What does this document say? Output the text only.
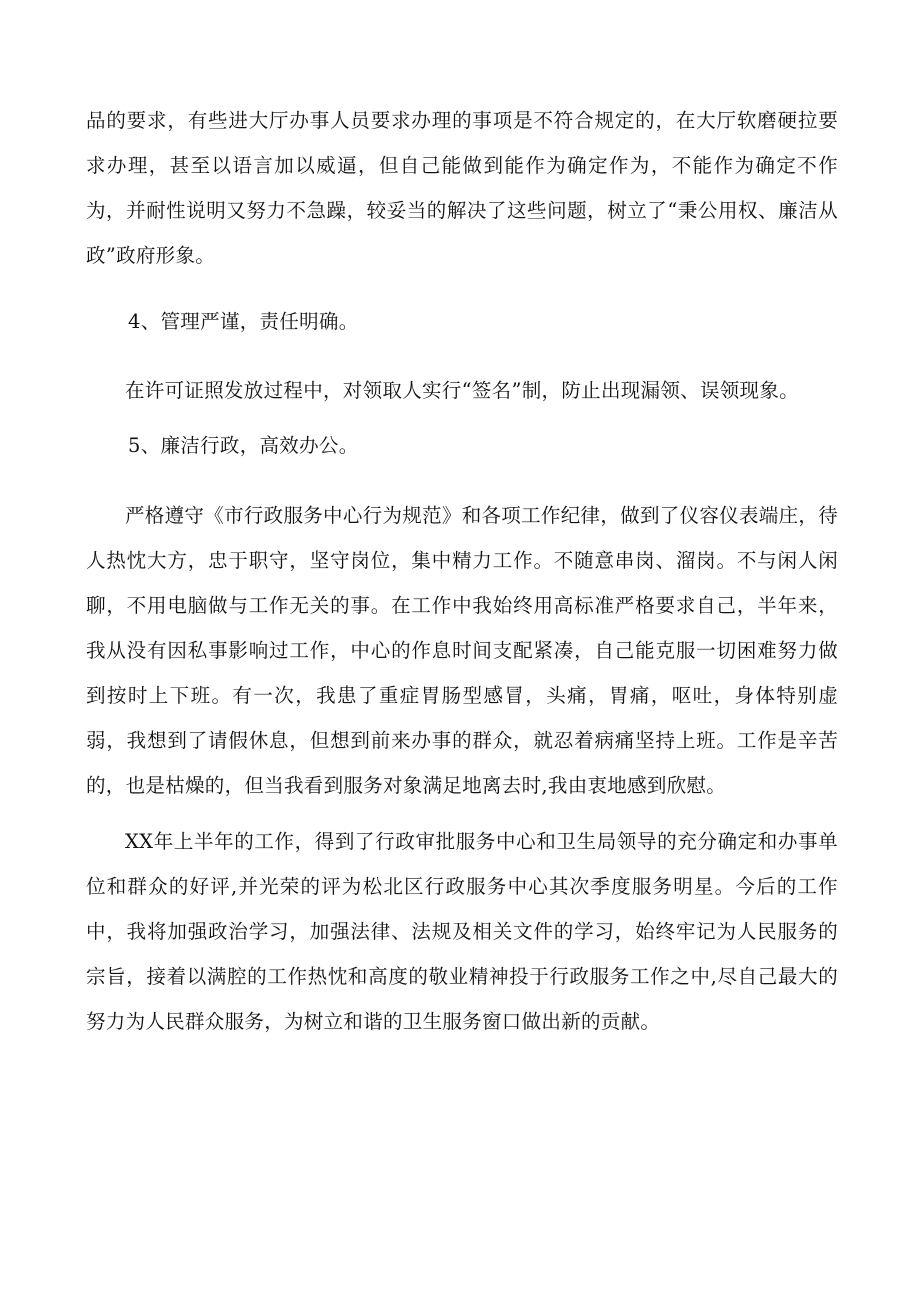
品的要求，有些进大厅办事人员要求办理的事项是不符合规定的，在大厅软磨硬拉要求办理，甚至以语言加以威逼，但自己能做到能作为确定作为，不能作为确定不作为，并耐性说明又努力不急躁，较妥当的解决了这些问题，树立了“秉公用权、廉洁从政”政府形象。

4、管理严谨，责任明确。

在许可证照发放过程中，对领取人实行“签名”制，防止出现漏领、误领现象。

5、廉洁行政，高效办公。

严格遵守《市行政服务中心行为规范》和各项工作纪律，做到了仪容仪表端庄，待人热忱大方，忠于职守，坚守岗位，集中精力工作。不随意串岗、溜岗。不与闲人闲聊，不用电脑做与工作无关的事。在工作中我始终用高标准严格要求自己，半年来，我从没有因私事影响过工作，中心的作息时间支配紧凑，自己能克服一切困难努力做到按时上下班。有一次，我患了重症胃肠型感冒，头痛，胃痛，呕吐，身体特别虚弱，我想到了请假休息，但想到前来办事的群众，就忍着病痛坚持上班。工作是辛苦的，也是枯燥的，但当我看到服务对象满足地离去时,我由衷地感到欣慰。

XX年上半年的工作，得到了行政审批服务中心和卫生局领导的充分确定和办事单位和群众的好评,并光荣的评为松北区行政服务中心其次季度服务明星。今后的工作中，我将加强政治学习，加强法律、法规及相关文件的学习，始终牢记为人民服务的宗旨，接着以满腔的工作热忱和高度的敬业精神投于行政服务工作之中,尽自己最大的努力为人民群众服务，为树立和谐的卫生服务窗口做出新的贡献。
